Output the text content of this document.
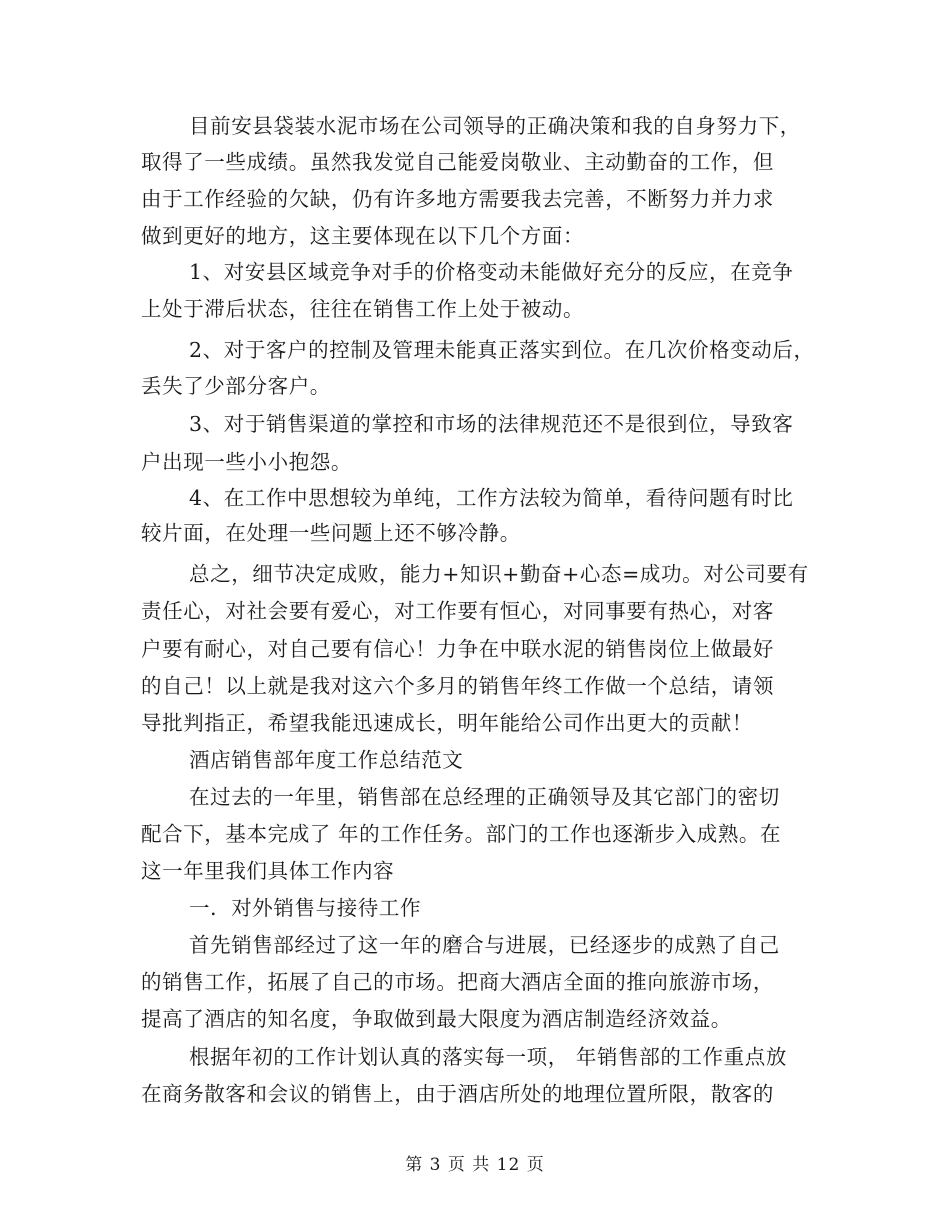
目前安县袋装水泥市场在公司领导的正确决策和我的自身努力下，
取得了一些成绩。虽然我发觉自己能爱岗敬业、主动勤奋的工作，但
由于工作经验的欠缺，仍有许多地方需要我去完善，不断努力并力求
做到更好的地方，这主要体现在以下几个方面：
1、对安县区域竞争对手的价格变动未能做好充分的反应，在竞争
上处于滞后状态，往往在销售工作上处于被动。
2、对于客户的控制及管理未能真正落实到位。在几次价格变动后，
丢失了少部分客户。
3、对于销售渠道的掌控和市场的法律规范还不是很到位，导致客
户出现一些小小抱怨。
4、在工作中思想较为单纯，工作方法较为简单，看待问题有时比
较片面，在处理一些问题上还不够冷静。
总之，细节决定成败，能力+知识+勤奋+心态=成功。对公司要有
责任心，对社会要有爱心，对工作要有恒心，对同事要有热心，对客
户要有耐心，对自己要有信心！力争在中联水泥的销售岗位上做最好
的自己！以上就是我对这六个多月的销售年终工作做一个总结，请领
导批判指正，希望我能迅速成长，明年能给公司作出更大的贡献！
酒店销售部年度工作总结范文
在过去的一年里，销售部在总经理的正确领导及其它部门的密切
配合下，基本完成了 年的工作任务。部门的工作也逐渐步入成熟。在
这一年里我们具体工作内容
一．对外销售与接待工作
首先销售部经过了这一年的磨合与进展，已经逐步的成熟了自己
的销售工作，拓展了自己的市场。把商大酒店全面的推向旅游市场，
提高了酒店的知名度，争取做到最大限度为酒店制造经济效益。
根据年初的工作计划认真的落实每一项， 年销售部的工作重点放
在商务散客和会议的销售上，由于酒店所处的地理位置所限，散客的
第 3 页 共 12 页
